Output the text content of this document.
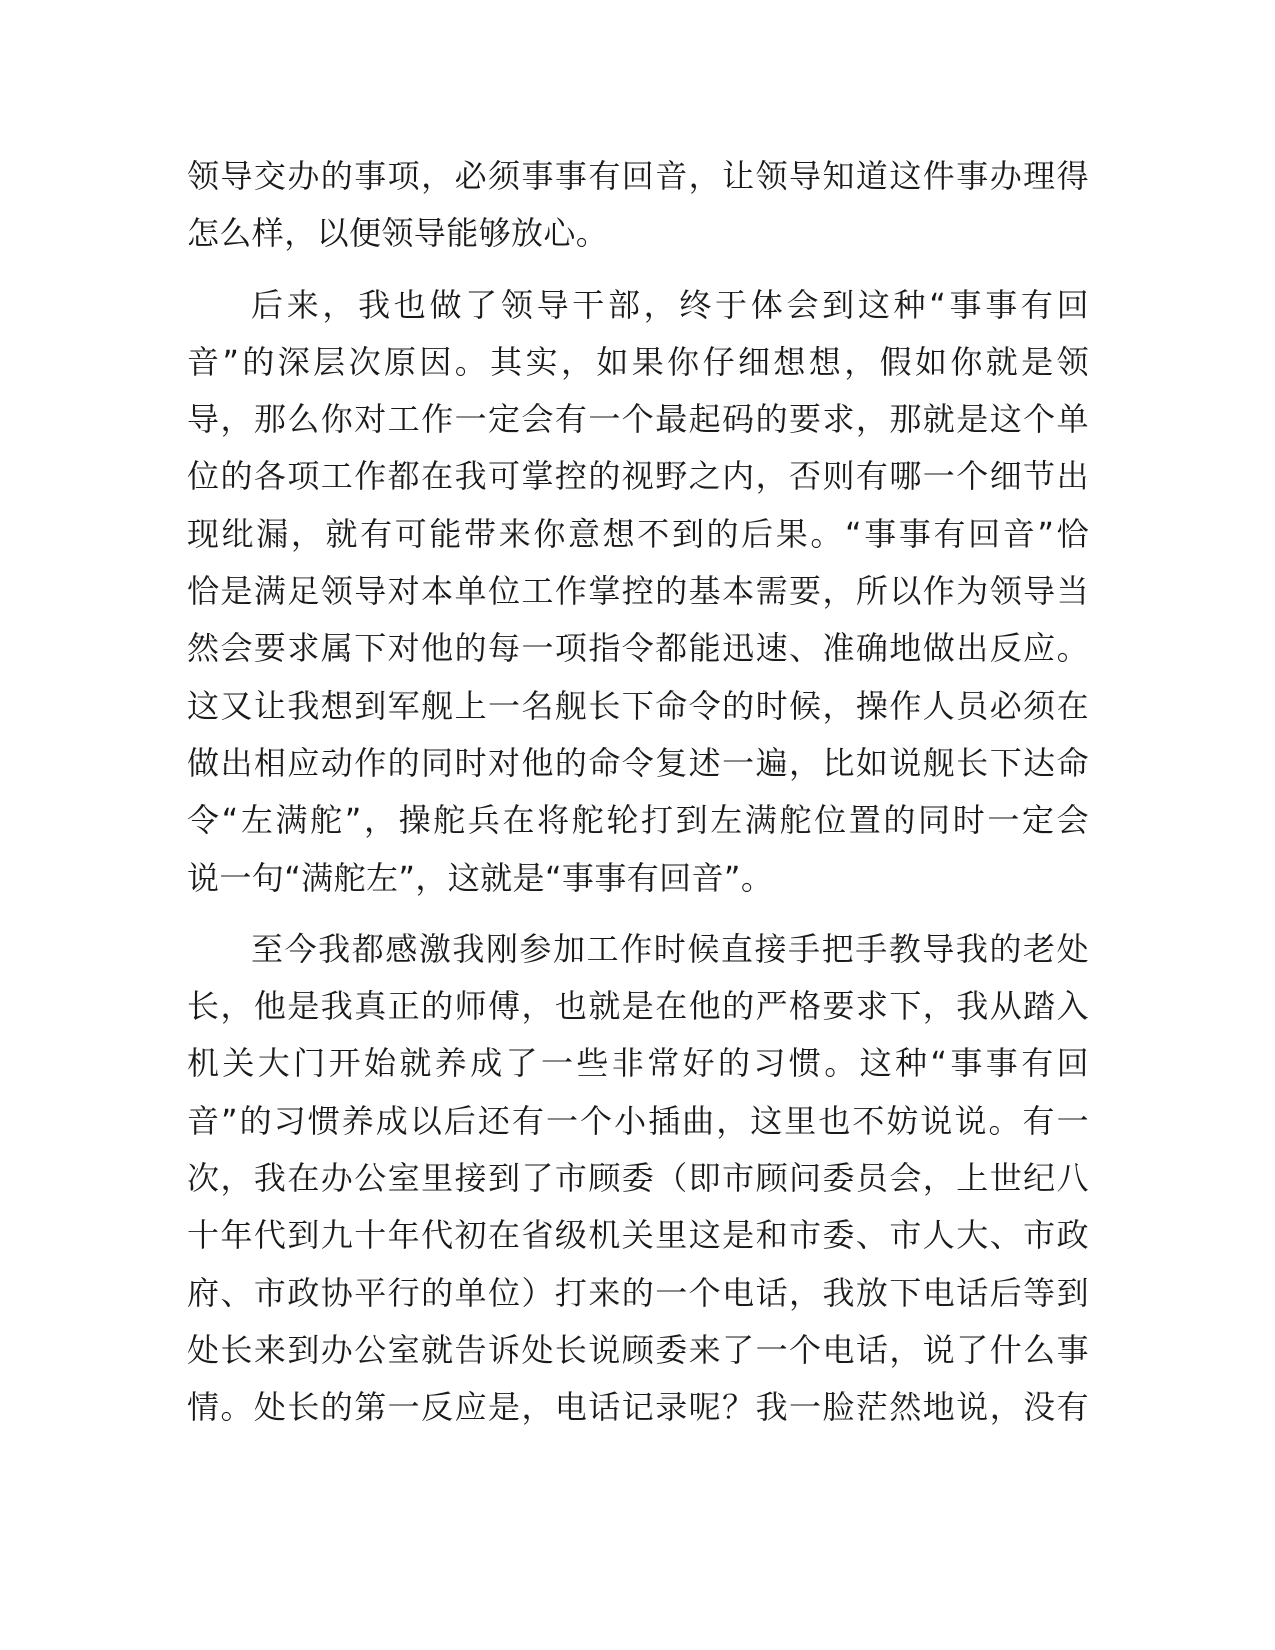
领导交办的事项，必须事事有回音，让领导知道这件事办理得
怎么样，以便领导能够放心。
后来，我也做了领导干部，终于体会到这种“事事有回
音”的深层次原因。其实，如果你仔细想想，假如你就是领
导，那么你对工作一定会有一个最起码的要求，那就是这个单
位的各项工作都在我可掌控的视野之内，否则有哪一个细节出
现纰漏，就有可能带来你意想不到的后果。“事事有回音”恰
恰是满足领导对本单位工作掌控的基本需要，所以作为领导当
然会要求属下对他的每一项指令都能迅速、准确地做出反应。
这又让我想到军舰上一名舰长下命令的时候，操作人员必须在
做出相应动作的同时对他的命令复述一遍，比如说舰长下达命
令“左满舵”，操舵兵在将舵轮打到左满舵位置的同时一定会
说一句“满舵左”，这就是“事事有回音”。
至今我都感激我刚参加工作时候直接手把手教导我的老处
长，他是我真正的师傅，也就是在他的严格要求下，我从踏入
机关大门开始就养成了一些非常好的习惯。这种“事事有回
音”的习惯养成以后还有一个小插曲，这里也不妨说说。有一
次，我在办公室里接到了市顾委（即市顾问委员会，上世纪八
十年代到九十年代初在省级机关里这是和市委、市人大、市政
府、市政协平行的单位）打来的一个电话，我放下电话后等到
处长来到办公室就告诉处长说顾委来了一个电话，说了什么事
情。处长的第一反应是，电话记录呢？我一脸茫然地说，没有
